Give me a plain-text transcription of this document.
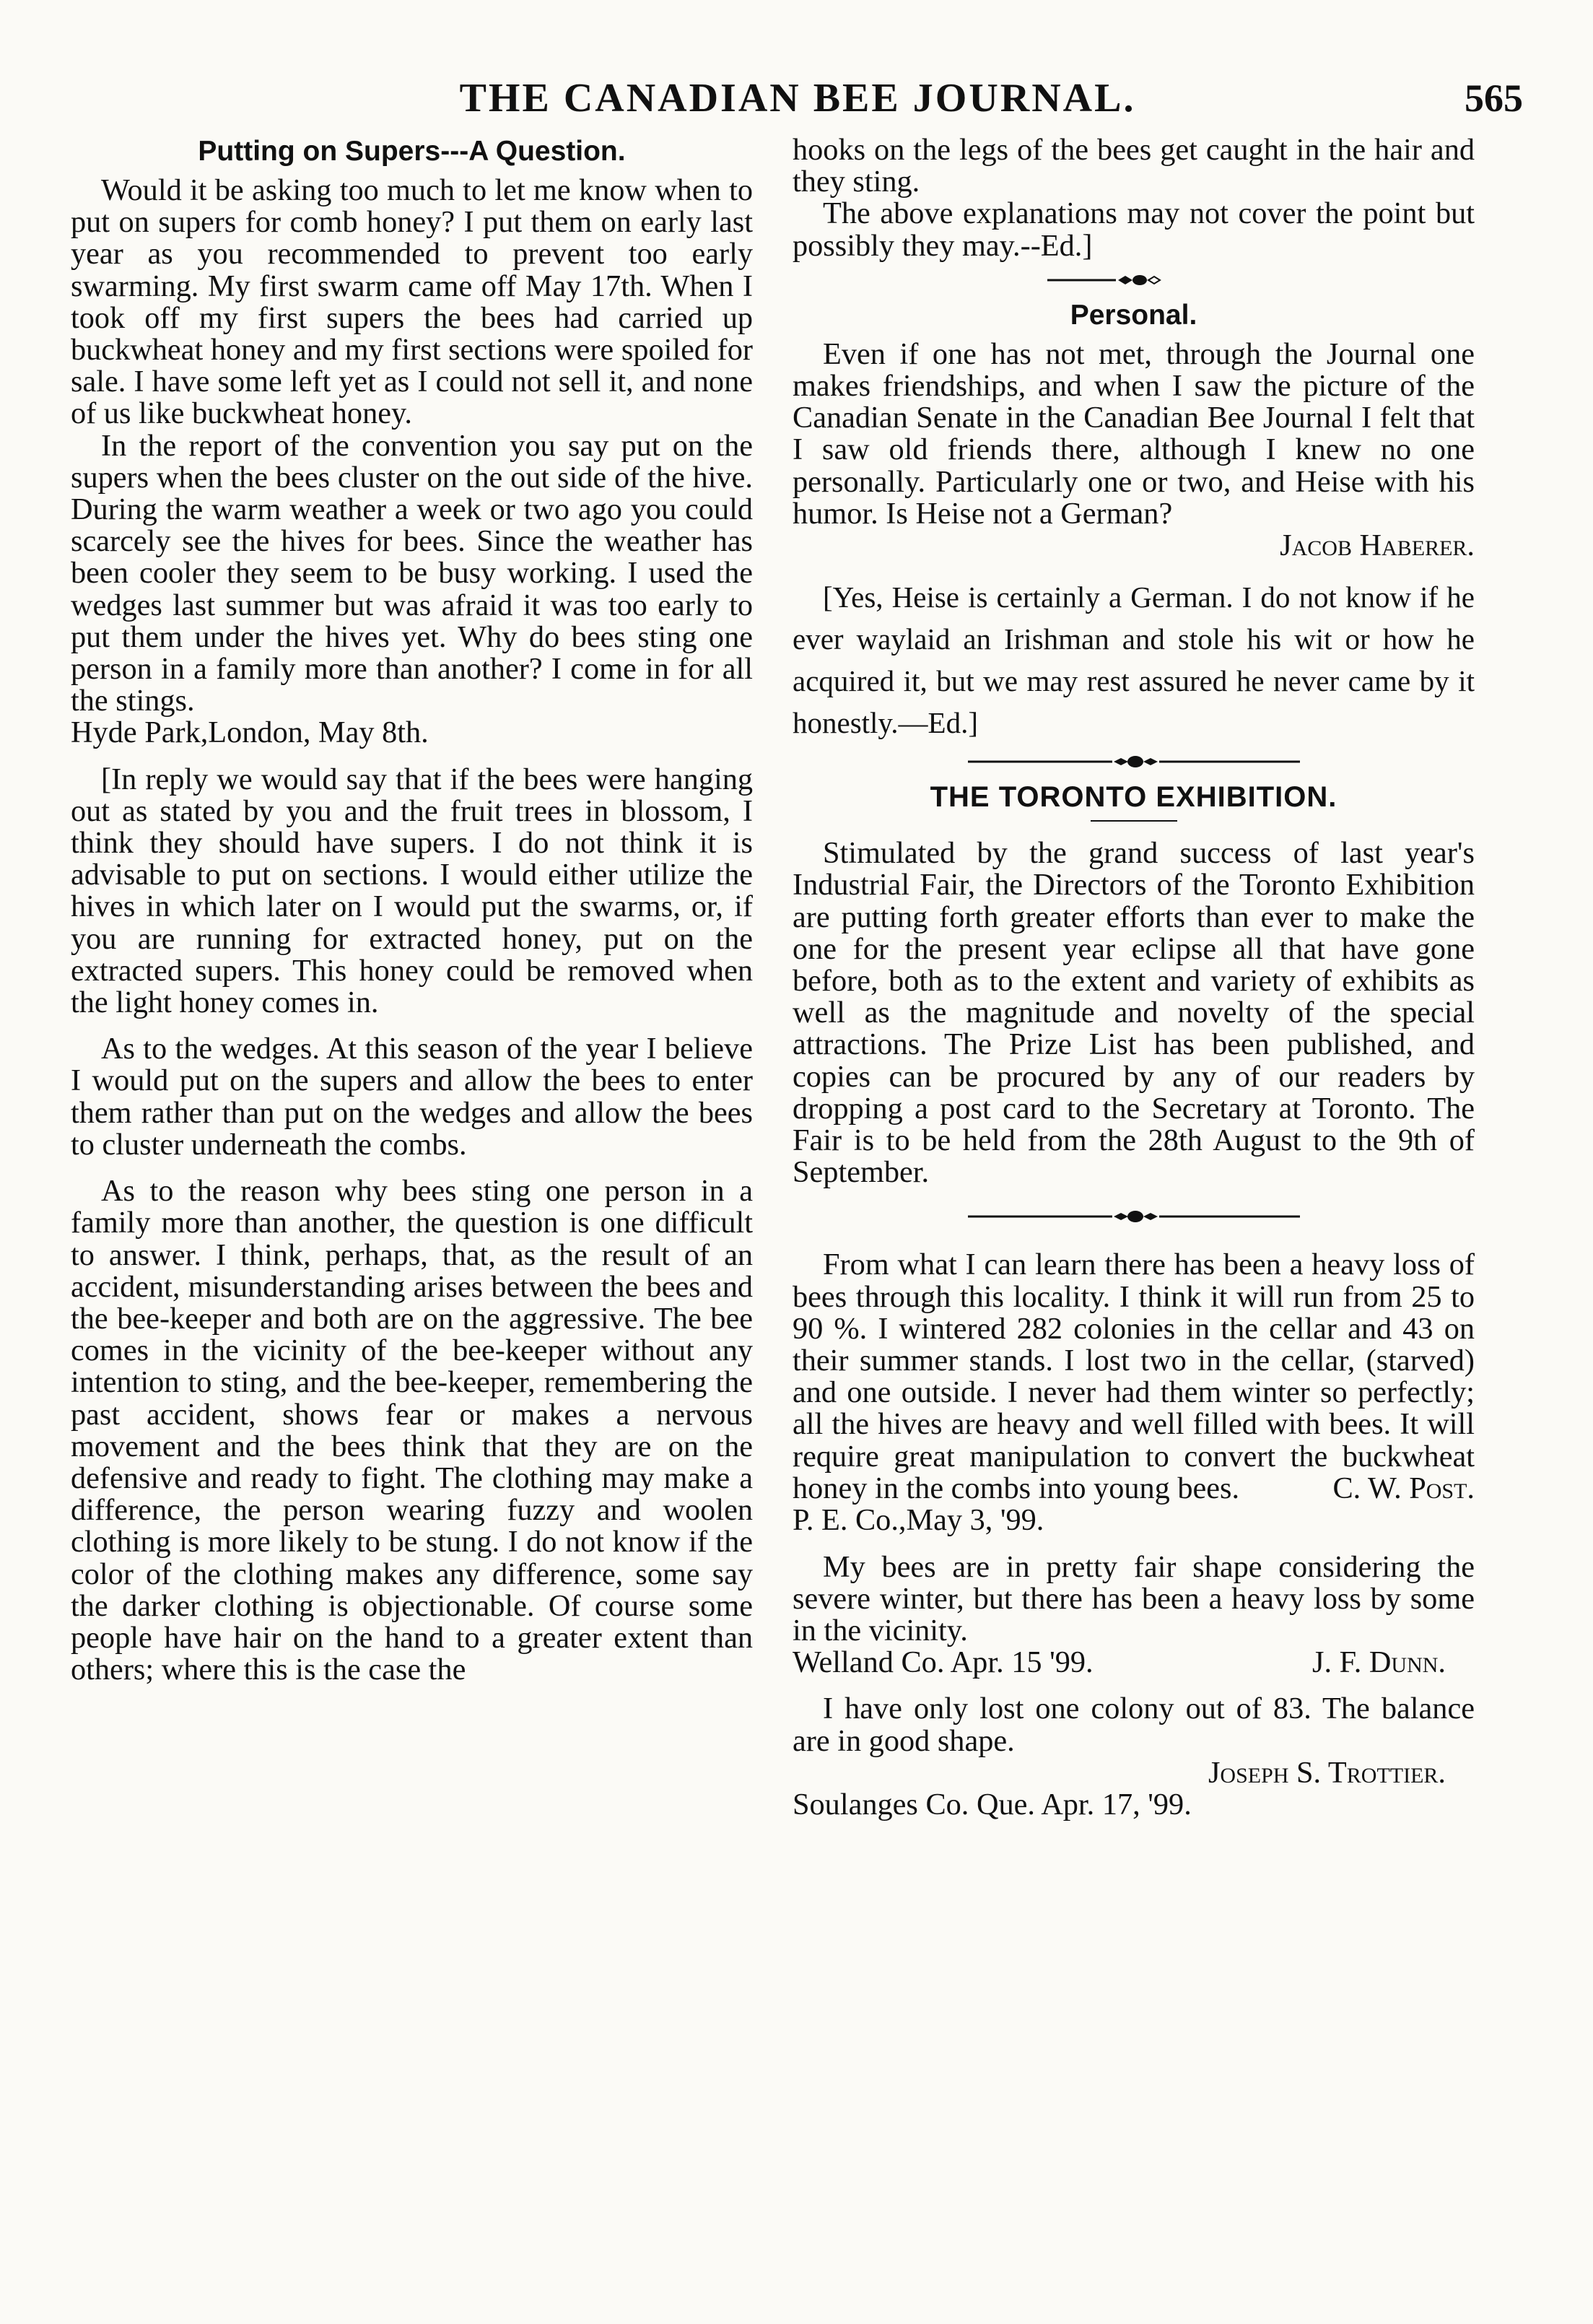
THE CANADIAN BEE JOURNAL.	565
Putting on Supers---A Question.

Would it be asking too much to let me know when to put on supers for comb honey? I put them on early last year as you recommended to prevent too early swarming. My first swarm came off May 17th. When I took off my first supers the bees had carried up buckwheat honey and my first sections were spoiled for sale. I have some left yet as I could not sell it, and none of us like buckwheat honey.

In the report of the convention you say put on the supers when the bees cluster on the out side of the hive. During the warm weather a week or two ago you could scarcely see the hives for bees. Since the weather has been cooler they seem to be busy working. I used the wedges last summer but was afraid it was too early to put them under the hives yet. Why do bees sting one person in a family more than another? I come in for all the stings.

Hyde Park,London, May 8th.

[In reply we would say that if the bees were hanging out as stated by you and the fruit trees in blossom, I think they should have supers. I do not think it is advisable to put on sections. I would either utilize the hives in which later on I would put the swarms, or, if you are running for extracted honey, put on the extracted supers. This honey could be removed when the light honey comes in.

As to the wedges. At this season of the year I believe I would put on the supers and allow the bees to enter them rather than put on the wedges and allow the bees to cluster underneath the combs.

As to the reason why bees sting one person in a family more than another, the question is one difficult to answer. I think, perhaps, that, as the result of an accident, misunderstanding arises between the bees and the bee-keeper and both are on the aggressive. The bee comes in the vicinity of the bee-keeper without any intention to sting, and the bee-keeper, remembering the past accident, shows fear or makes a nervous movement and the bees think that they are on the defensive and ready to fight. The clothing may make a difference, the person wearing fuzzy and woolen clothing is more likely to be stung. I do not know if the color of the clothing makes any difference, some say the darker clothing is objectionable. Of course some people have hair on the hand to a greater extent than others; where this is the case the

hooks on the legs of the bees get caught in the hair and they sting.

The above explanations may not cover the point but possibly they may.--Ed.]

Personal.

Even if one has not met, through the Journal one makes friendships, and when I saw the picture of the Canadian Senate in the Canadian Bee Journal I felt that I saw old friends there, although I knew no one personally. Particularly one or two, and Heise with his humor. Is Heise not a German?

Jacob Haberer.

[Yes, Heise is certainly a German. I do not know if he ever waylaid an Irishman and stole his wit or how he acquired it, but we may rest assured he never came by it honestly.—Ed.]

THE TORONTO EXHIBITION.

Stimulated by the grand success of last year's Industrial Fair, the Directors of the Toronto Exhibition are putting forth greater efforts than ever to make the one for the present year eclipse all that have gone before, both as to the extent and variety of exhibits as well as the magnitude and novelty of the special attractions. The Prize List has been published, and copies can be procured by any of our readers by dropping a post card to the Secretary at Toronto. The Fair is to be held from the 28th August to the 9th of September.

From what I can learn there has been a heavy loss of bees through this locality. I think it will run from 25 to 90 %. I wintered 282 colonies in the cellar and 43 on their summer stands. I lost two in the cellar, (starved) and one outside. I never had them winter so perfectly; all the hives are heavy and well filled with bees. It will require great manipulation to convert the buckwheat honey in the combs into young bees.	C. W. Post.

P. E. Co.,May 3, '99.

My bees are in pretty fair shape considering the severe winter, but there has been a heavy loss by some in the vicinity.

Welland Co. Apr. 15 '99.	J. F. Dunn.

I have only lost one colony out of 83. The balance are in good shape.

Joseph S. Trottier.

Soulanges Co. Que. Apr. 17, '99.
